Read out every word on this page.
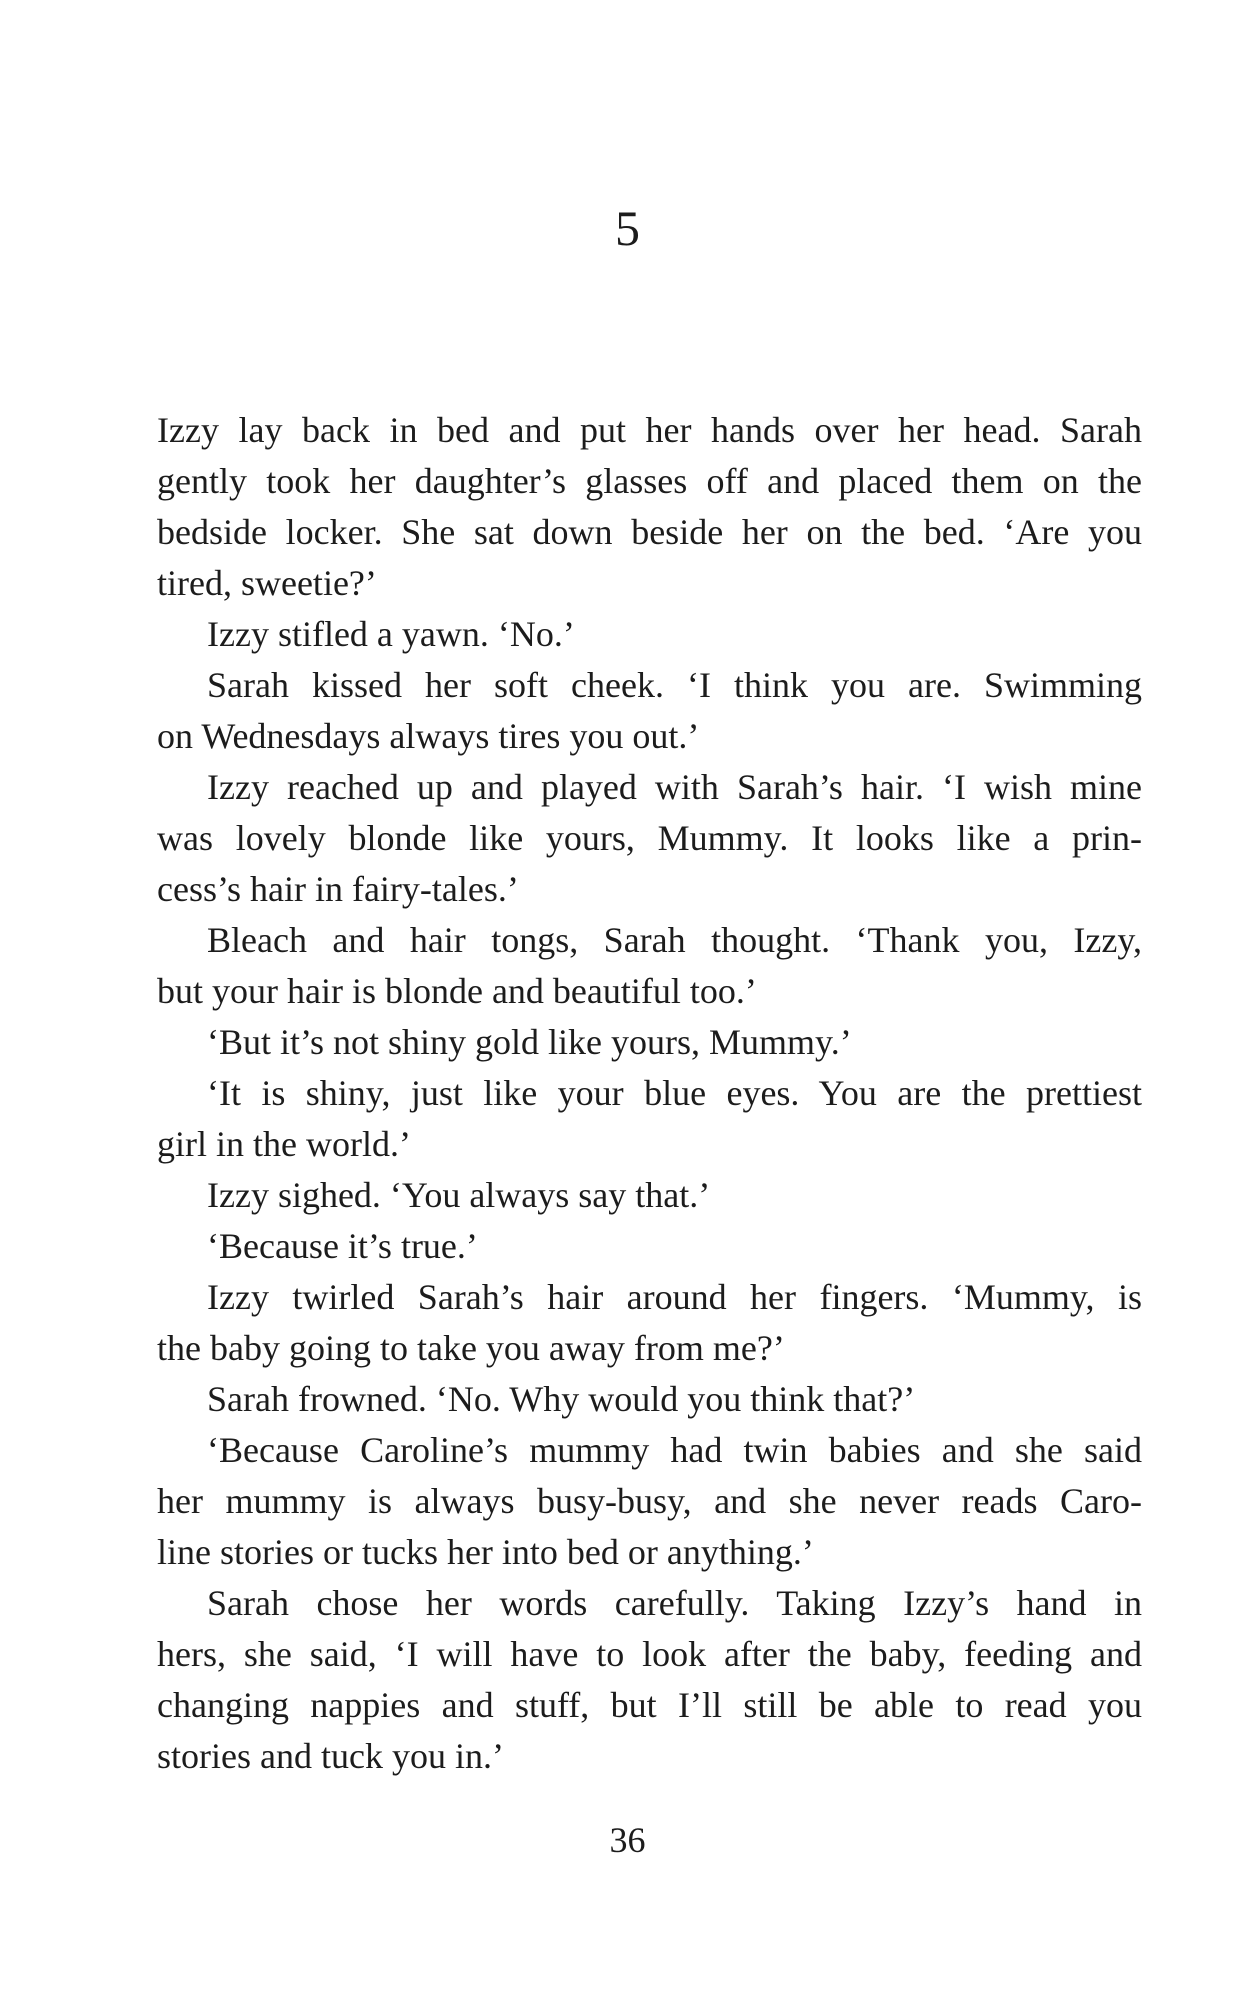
5
Izzy lay back in bed and put her hands over her head. Sarah
gently took her daughter’s glasses off and placed them on the
bedside locker. She sat down beside her on the bed. ‘Are you
tired, sweetie?’
Izzy stifled a yawn. ‘No.’
Sarah kissed her soft cheek. ‘I think you are. Swimming
on Wednesdays always tires you out.’
Izzy reached up and played with Sarah’s hair. ‘I wish mine
was lovely blonde like yours, Mummy. It looks like a prin-
cess’s hair in fairy-tales.’
Bleach and hair tongs, Sarah thought. ‘Thank you, Izzy,
but your hair is blonde and beautiful too.’
‘But it’s not shiny gold like yours, Mummy.’
‘It is shiny, just like your blue eyes. You are the prettiest
girl in the world.’
Izzy sighed. ‘You always say that.’
‘Because it’s true.’
Izzy twirled Sarah’s hair around her fingers. ‘Mummy, is
the baby going to take you away from me?’
Sarah frowned. ‘No. Why would you think that?’
‘Because Caroline’s mummy had twin babies and she said
her mummy is always busy-busy, and she never reads Caro-
line stories or tucks her into bed or anything.’
Sarah chose her words carefully. Taking Izzy’s hand in
hers, she said, ‘I will have to look after the baby, feeding and
changing nappies and stuff, but I’ll still be able to read you
stories and tuck you in.’
36
